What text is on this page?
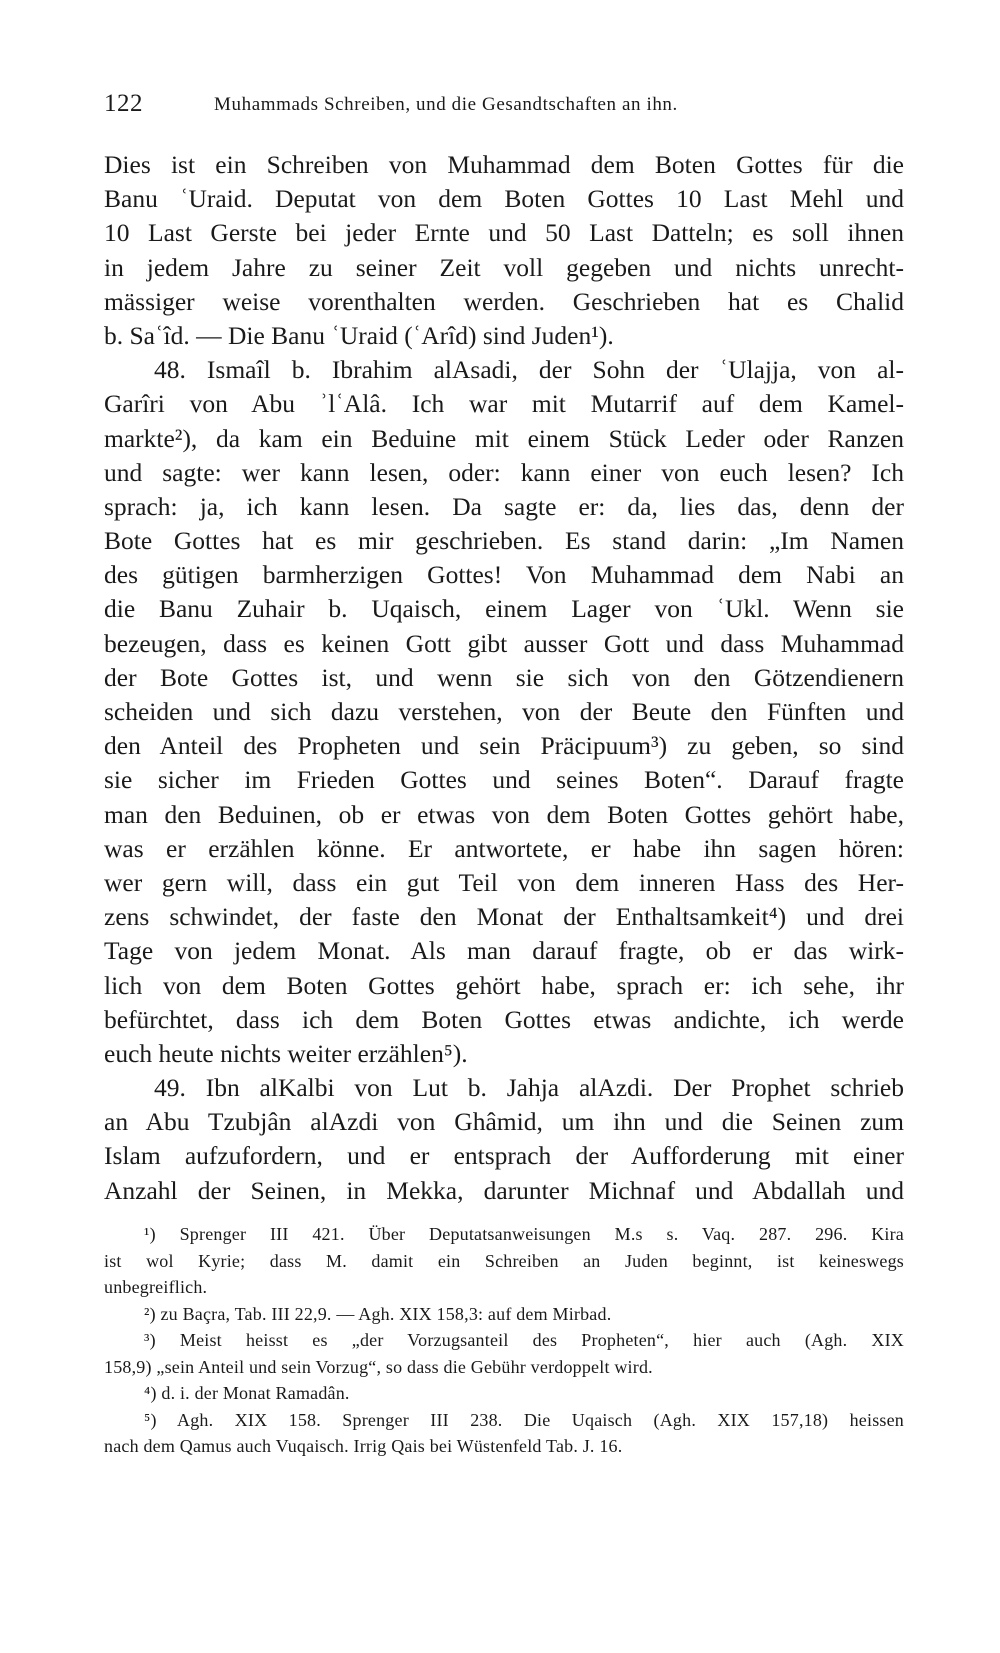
122	Muhammads Schreiben, und die Gesandtschaften an ihn.
Dies ist ein Schreiben von Muhammad dem Boten Gottes für die
Banu ʿUraid. Deputat von dem Boten Gottes 10 Last Mehl und
10 Last Gerste bei jeder Ernte und 50 Last Datteln; es soll ihnen
in jedem Jahre zu seiner Zeit voll gegeben und nichts unrecht-
mässiger weise vorenthalten werden. Geschrieben hat es Chalid
b. Saʿîd. — Die Banu ʿUraid (ʿArîd) sind Juden¹).
48. Ismaîl b. Ibrahim alAsadi, der Sohn der ʿUlajja, von al-
Garîri von Abu ʾlʿAlâ. Ich war mit Mutarrif auf dem Kamel-
markte²), da kam ein Beduine mit einem Stück Leder oder Ranzen
und sagte: wer kann lesen, oder: kann einer von euch lesen? Ich
sprach: ja, ich kann lesen. Da sagte er: da, lies das, denn der
Bote Gottes hat es mir geschrieben. Es stand darin: „Im Namen
des gütigen barmherzigen Gottes! Von Muhammad dem Nabi an
die Banu Zuhair b. Uqaisch, einem Lager von ʿUkl. Wenn sie
bezeugen, dass es keinen Gott gibt ausser Gott und dass Muhammad
der Bote Gottes ist, und wenn sie sich von den Götzendienern
scheiden und sich dazu verstehen, von der Beute den Fünften und
den Anteil des Propheten und sein Präcipuum³) zu geben, so sind
sie sicher im Frieden Gottes und seines Boten“. Darauf fragte
man den Beduinen, ob er etwas von dem Boten Gottes gehört habe,
was er erzählen könne. Er antwortete, er habe ihn sagen hören:
wer gern will, dass ein gut Teil von dem inneren Hass des Her-
zens schwindet, der faste den Monat der Enthaltsamkeit⁴) und drei
Tage von jedem Monat. Als man darauf fragte, ob er das wirk-
lich von dem Boten Gottes gehört habe, sprach er: ich sehe, ihr
befürchtet, dass ich dem Boten Gottes etwas andichte, ich werde
euch heute nichts weiter erzählen⁵).
49. Ibn alKalbi von Lut b. Jahja alAzdi. Der Prophet schrieb
an Abu Tzubjân alAzdi von Ghâmid, um ihn und die Seinen zum
Islam aufzufordern, und er entsprach der Aufforderung mit einer
Anzahl der Seinen, in Mekka, darunter Michnaf und Abdallah und
¹) Sprenger III 421. Über Deputatsanweisungen M.s s. Vaq. 287. 296. Kira
ist wol Kyrie; dass M. damit ein Schreiben an Juden beginnt, ist keineswegs
unbegreiflich.
²) zu Baçra, Tab. III 22,9. — Agh. XIX 158,3: auf dem Mirbad.
³) Meist heisst es „der Vorzugsanteil des Propheten“, hier auch (Agh. XIX
158,9) „sein Anteil und sein Vorzug“, so dass die Gebühr verdoppelt wird.
⁴) d. i. der Monat Ramadân.
⁵) Agh. XIX 158. Sprenger III 238. Die Uqaisch (Agh. XIX 157,18) heissen
nach dem Qamus auch Vuqaisch. Irrig Qais bei Wüstenfeld Tab. J. 16.
